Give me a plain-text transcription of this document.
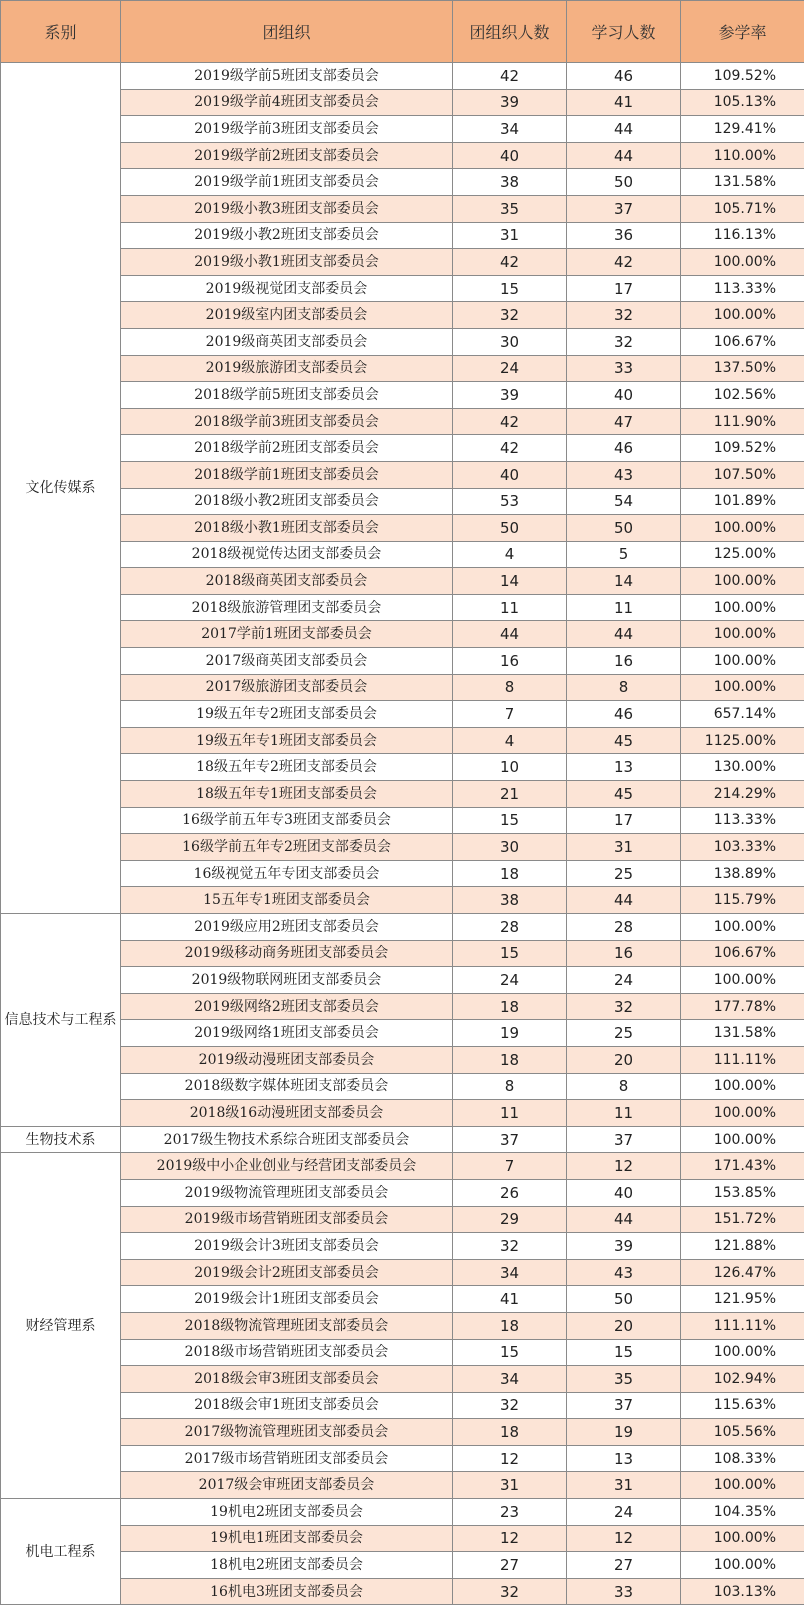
系别	团组织	团组织人数	学习人数	参学率
文化传媒系	2019级学前5班团支部委员会	42	46	109.52%
	2019级学前4班团支部委员会	39	41	105.13%
	2019级学前3班团支部委员会	34	44	129.41%
	2019级学前2班团支部委员会	40	44	110.00%
	2019级学前1班团支部委员会	38	50	131.58%
	2019级小教3班团支部委员会	35	37	105.71%
	2019级小教2班团支部委员会	31	36	116.13%
	2019级小教1班团支部委员会	42	42	100.00%
	2019级视觉团支部委员会	15	17	113.33%
	2019级室内团支部委员会	32	32	100.00%
	2019级商英团支部委员会	30	32	106.67%
	2019级旅游团支部委员会	24	33	137.50%
	2018级学前5班团支部委员会	39	40	102.56%
	2018级学前3班团支部委员会	42	47	111.90%
	2018级学前2班团支部委员会	42	46	109.52%
	2018级学前1班团支部委员会	40	43	107.50%
	2018级小教2班团支部委员会	53	54	101.89%
	2018级小教1班团支部委员会	50	50	100.00%
	2018级视觉传达团支部委员会	4	5	125.00%
	2018级商英团支部委员会	14	14	100.00%
	2018级旅游管理团支部委员会	11	11	100.00%
	2017学前1班团支部委员会	44	44	100.00%
	2017级商英团支部委员会	16	16	100.00%
	2017级旅游团支部委员会	8	8	100.00%
	19级五年专2班团支部委员会	7	46	657.14%
	19级五年专1班团支部委员会	4	45	1125.00%
	18级五年专2班团支部委员会	10	13	130.00%
	18级五年专1班团支部委员会	21	45	214.29%
	16级学前五年专3班团支部委员会	15	17	113.33%
	16级学前五年专2班团支部委员会	30	31	103.33%
	16级视觉五年专团支部委员会	18	25	138.89%
	15五年专1班团支部委员会	38	44	115.79%
信息技术与工程系	2019级应用2班团支部委员会	28	28	100.00%
	2019级移动商务班团支部委员会	15	16	106.67%
	2019级物联网班团支部委员会	24	24	100.00%
	2019级网络2班团支部委员会	18	32	177.78%
	2019级网络1班团支部委员会	19	25	131.58%
	2019级动漫班团支部委员会	18	20	111.11%
	2018级数字媒体班团支部委员会	8	8	100.00%
	2018级16动漫班团支部委员会	11	11	100.00%
生物技术系	2017级生物技术系综合班团支部委员会	37	37	100.00%
财经管理系	2019级中小企业创业与经营团支部委员会	7	12	171.43%
	2019级物流管理班团支部委员会	26	40	153.85%
	2019级市场营销班团支部委员会	29	44	151.72%
	2019级会计3班团支部委员会	32	39	121.88%
	2019级会计2班团支部委员会	34	43	126.47%
	2019级会计1班团支部委员会	41	50	121.95%
	2018级物流管理班团支部委员会	18	20	111.11%
	2018级市场营销班团支部委员会	15	15	100.00%
	2018级会审3班团支部委员会	34	35	102.94%
	2018级会审1班团支部委员会	32	37	115.63%
	2017级物流管理班团支部委员会	18	19	105.56%
	2017级市场营销班团支部委员会	12	13	108.33%
	2017级会审班团支部委员会	31	31	100.00%
机电工程系	19机电2班团支部委员会	23	24	104.35%
	19机电1班团支部委员会	12	12	100.00%
	18机电2班团支部委员会	27	27	100.00%
	16机电3班团支部委员会	32	33	103.13%
